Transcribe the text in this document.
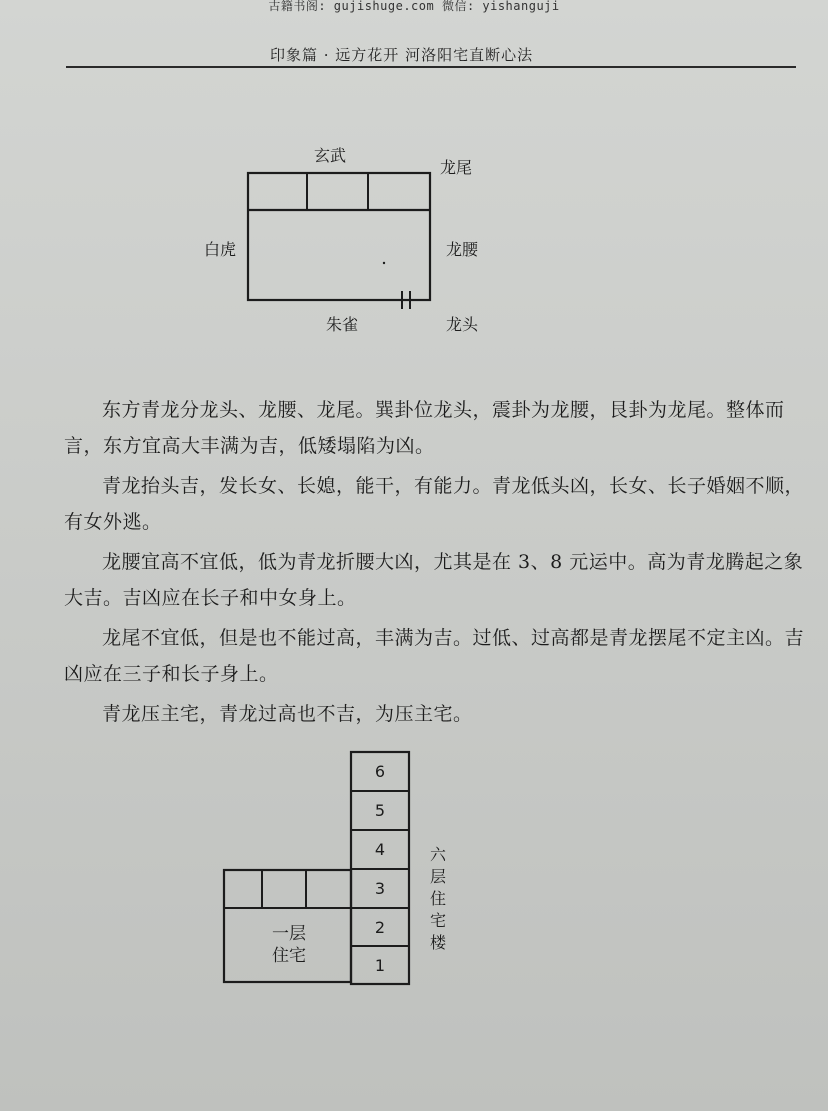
古籍书阁: gujishuge.com 微信: yishanguji
印象篇 · 远方花开 河洛阳宅直断心法
玄武
龙尾
白虎	龙腰
朱雀	龙头

东方青龙分龙头、龙腰、龙尾。巽卦位龙头，震卦为龙腰，艮卦为龙尾。整体而言，东方宜高大丰满为吉，低矮塌陷为凶。

青龙抬头吉，发长女、长媳，能干，有能力。青龙低头凶，长女、长子婚姻不顺，有女外逃。

龙腰宜高不宜低，低为青龙折腰大凶，尤其是在 3、8 元运中。高为青龙腾起之象大吉。吉凶应在长子和中女身上。

龙尾不宜低，但是也不能过高，丰满为吉。过低、过高都是青龙摆尾不定主凶。吉凶应在三子和长子身上。

青龙压主宅，青龙过高也不吉，为压主宅。

6
5
4
3
2
1
六层住宅楼
一层
住宅
